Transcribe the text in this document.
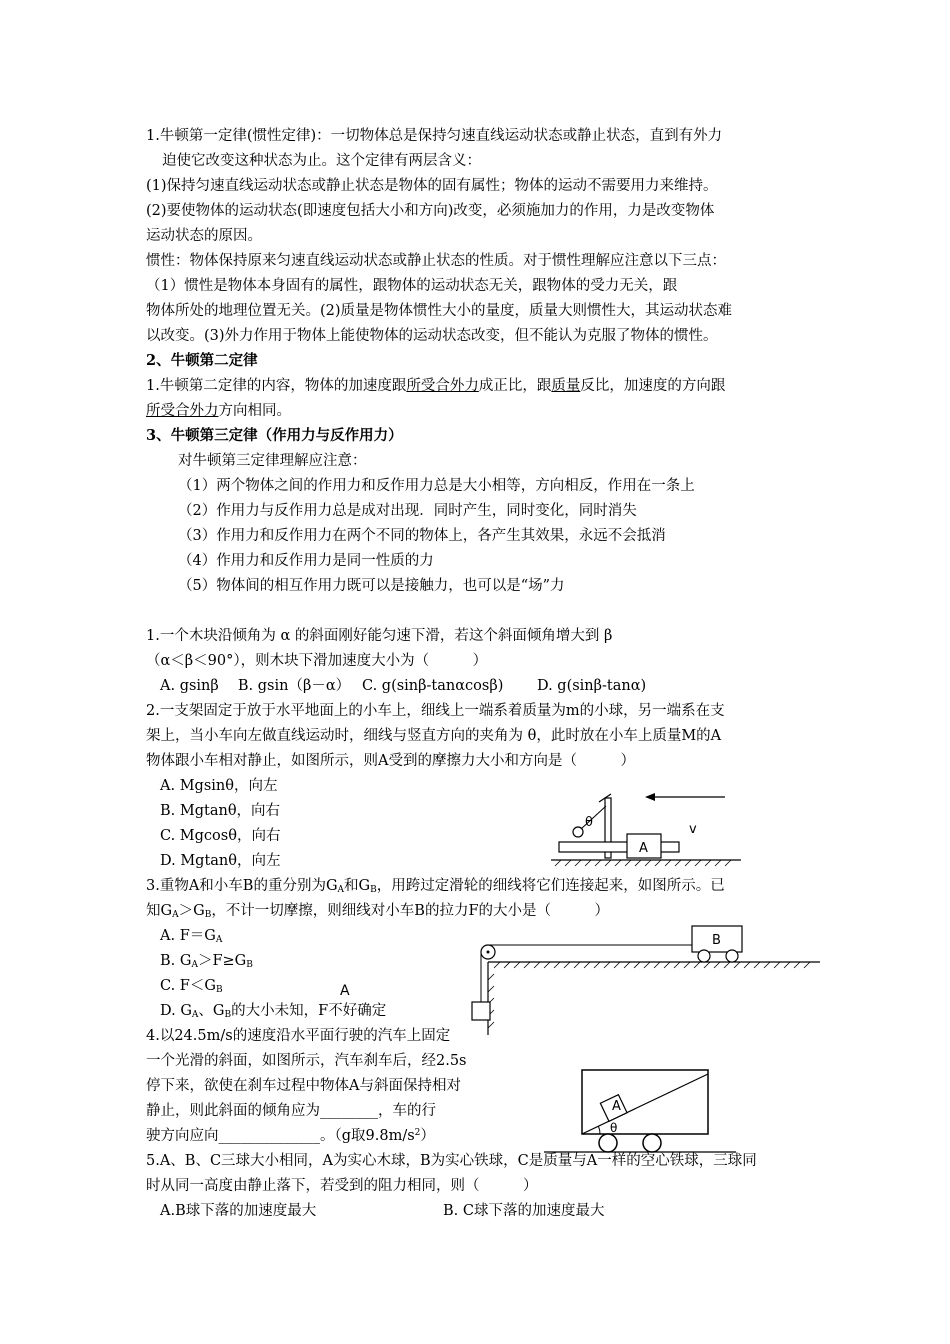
1.牛顿第一定律(惯性定律)：一切物体总是保持匀速直线运动状态或静止状态，直到有外力
迫使它改变这种状态为止。这个定律有两层含义：
(1)保持匀速直线运动状态或静止状态是物体的固有属性；物体的运动不需要用力来维持。
(2)要使物体的运动状态(即速度包括大小和方向)改变，必须施加力的作用，力是改变物体
运动状态的原因。
惯性：物体保持原来匀速直线运动状态或静止状态的性质。对于惯性理解应注意以下三点：
（1）惯性是物体本身固有的属性，跟物体的运动状态无关，跟物体的受力无关，跟
物体所处的地理位置无关。(2)质量是物体惯性大小的量度，质量大则惯性大，其运动状态难
以改变。(3)外力作用于物体上能使物体的运动状态改变，但不能认为克服了物体的惯性。
2、牛顿第二定律
1.牛顿第二定律的内容，物体的加速度跟所受合外力成正比，跟质量反比，加速度的方向跟
所受合外力方向相同。
3、牛顿第三定律（作用力与反作用力）
对牛顿第三定律理解应注意：
（1）两个物体之间的作用力和反作用力总是大小相等，方向相反，作用在一条上
（2）作用力与反作用力总是成对出现．同时产生，同时变化，同时消失
（3）作用力和反作用力在两个不同的物体上，各产生其效果，永远不会抵消
（4）作用力和反作用力是同一性质的力
（5）物体间的相互作用力既可以是接触力，也可以是“场”力
1.一个木块沿倾角为 α 的斜面刚好能匀速下滑，若这个斜面倾角增大到 β
（α＜β＜90°），则木块下滑加速度大小为（　　　）
A. gsinβ　 B. gsin（β－α）　 C. g(sinβ-tanαcosβ)　　 D. g(sinβ-tanα)
2.一支架固定于放于水平地面上的小车上，细线上一端系着质量为m的小球，另一端系在支
架上，当小车向左做直线运动时，细线与竖直方向的夹角为 θ，此时放在小车上质量M的A
物体跟小车相对静止，如图所示，则A受到的摩擦力大小和方向是（　　　）
A. Mgsinθ，向左
B. Mgtanθ，向右
C. Mgcosθ，向右
D. Mgtanθ，向左
θ	v
A
3.重物A和小车B的重分别为$G_A$和$G_B$，用跨过定滑轮的细线将它们连接起来，如图所示。已
知$G_A>G_B$，不计一切摩擦，则细线对小车B的拉力F的大小是（　　　）
A. $F=G_A$
B. $G_A>F\ge G_B$
C. $F<G_B$
D. $G_A$、$G_B$的大小未知，F不好确定
A
B
4.以24.5m/s的速度沿水平面行驶的汽车上固定
一个光滑的斜面，如图所示，汽车刹车后，经2.5s
停下来，欲使在刹车过程中物体A与斜面保持相对
静止，则此斜面的倾角应为________，车的行
驶方向应向______________。（g取$9.8m/s^2$）
A
θ
5.A、B、C三球大小相同，A为实心木球，B为实心铁球，C是质量与A一样的空心铁球，三球同
时从同一高度由静止落下，若受到的阻力相同，则（　　　）
A.B球下落的加速度最大	B. C球下落的加速度最大
